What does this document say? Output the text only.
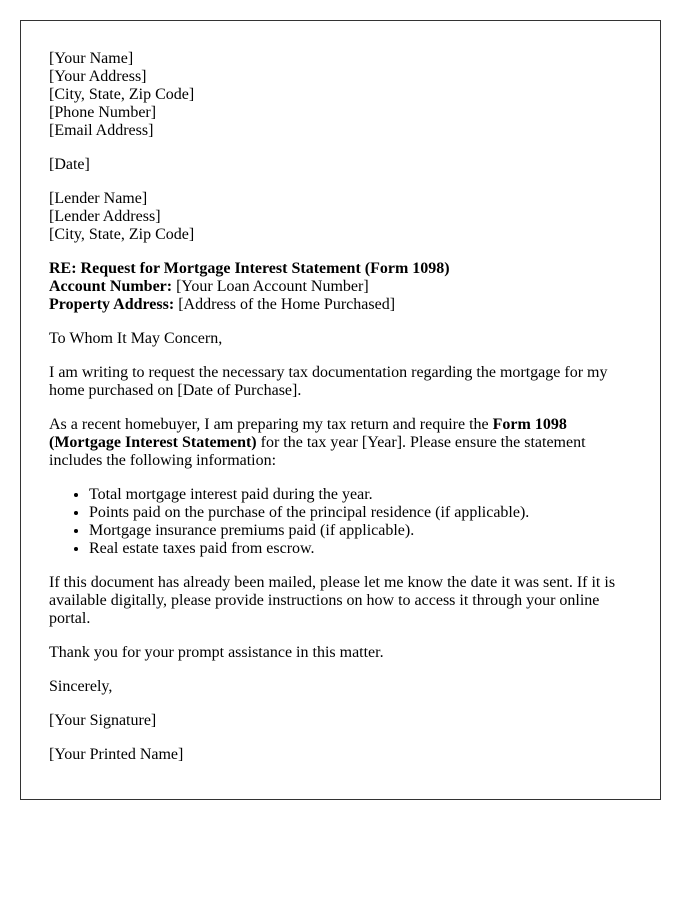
[Your Name]
[Your Address]
[City, State, Zip Code]
[Phone Number]
[Email Address]
[Date]
[Lender Name]
[Lender Address]
[City, State, Zip Code]
RE: Request for Mortgage Interest Statement (Form 1098)
Account Number: [Your Loan Account Number]
Property Address: [Address of the Home Purchased]

To Whom It May Concern,

I am writing to request the necessary tax documentation regarding the mortgage for my home purchased on [Date of Purchase].

As a recent homebuyer, I am preparing my tax return and require the Form 1098 (Mortgage Interest Statement) for the tax year [Year]. Please ensure the statement includes the following information:

• Total mortgage interest paid during the year.
• Points paid on the purchase of the principal residence (if applicable).
• Mortgage insurance premiums paid (if applicable).
• Real estate taxes paid from escrow.

If this document has already been mailed, please let me know the date it was sent. If it is available digitally, please provide instructions on how to access it through your online portal.

Thank you for your prompt assistance in this matter.

Sincerely,

[Your Signature]

[Your Printed Name]
